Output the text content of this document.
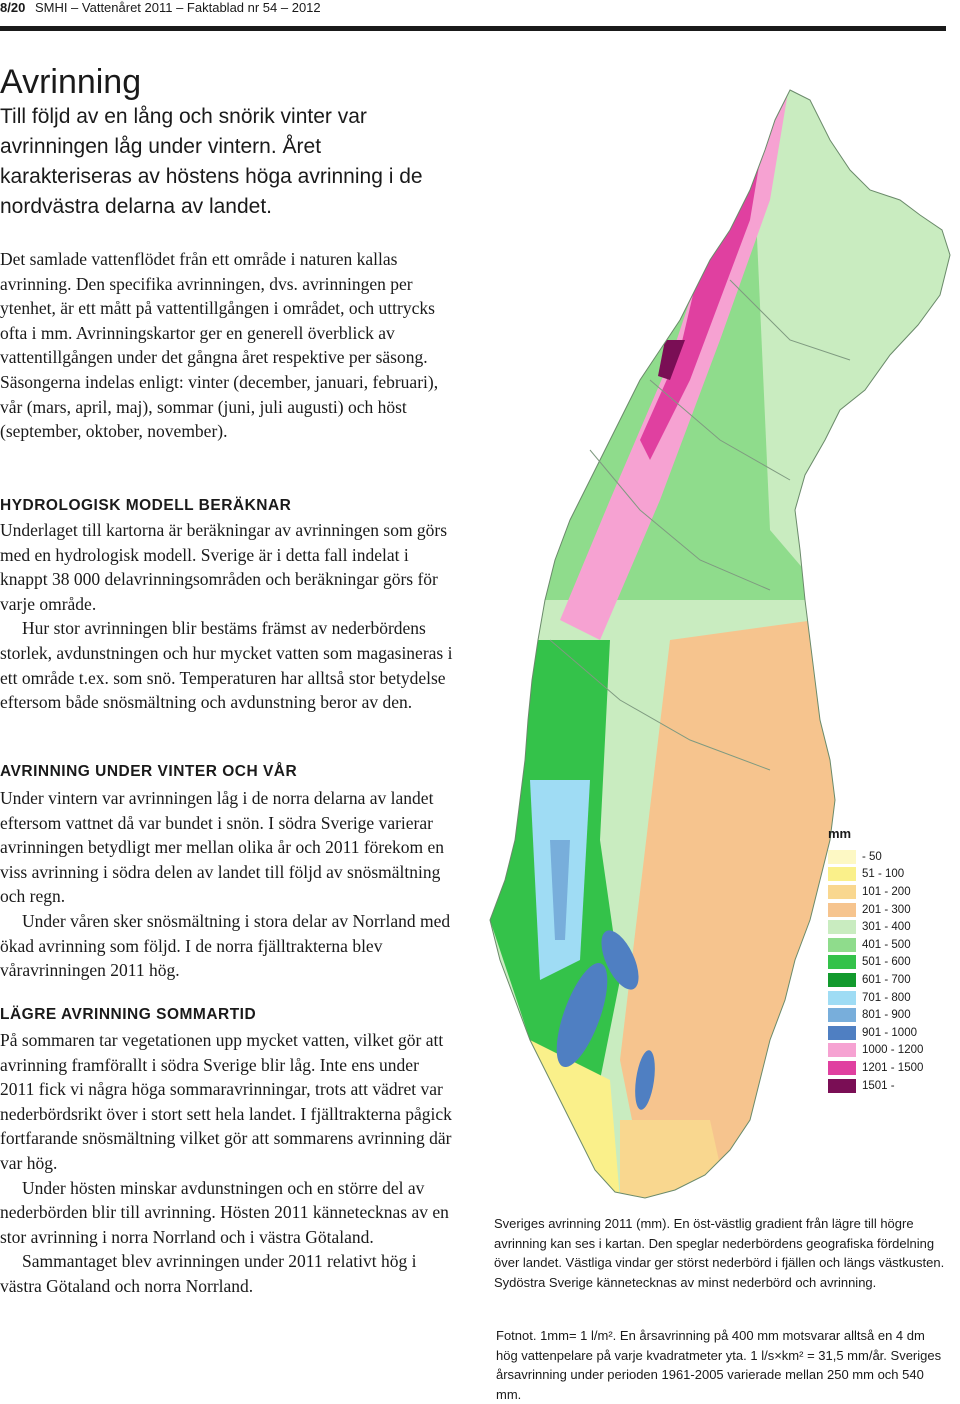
8/20 SMHI – Vattenåret 2011 – Faktablad nr 54 – 2012
Avrinning

Till följd av en lång och snörik vinter var avrinningen låg under vintern. Året karakteriseras av höstens höga avrinning i de nordvästra delarna av landet.

Det samlade vattenflödet från ett område i naturen kallas avrinning. Den specifika avrinningen, dvs. avrinningen per ytenhet, är ett mått på vattentillgången i området, och uttrycks ofta i mm. Avrinningskartor ger en generell överblick av vattentillgången under det gångna året respektive per säsong. Säsongerna indelas enligt: vinter (december, januari, februari), vår (mars, april, maj), sommar (juni, juli augusti) och höst (september, oktober, november).

HYDROLOGISK MODELL BERÄKNAR

Underlaget till kartorna är beräkningar av avrinningen som görs med en hydrologisk modell. Sverige är i detta fall indelat i knappt 38 000 delavrinningsområden och beräkningar görs för varje område.

Hur stor avrinningen blir bestäms främst av nederbördens storlek, avdunstningen och hur mycket vatten som magasineras i ett område t.ex. som snö. Temperaturen har alltså stor betydelse eftersom både snösmältning och avdunstning beror av den.

AVRINNING UNDER VINTER OCH VÅR

Under vintern var avrinningen låg i de norra delarna av landet eftersom vattnet då var bundet i snön. I södra Sverige varierar avrinningen betydligt mer mellan olika år och 2011 förekom en viss avrinning i södra delen av landet till följd av snösmältning och regn.

Under våren sker snösmältning i stora delar av Norrland med ökad avrinning som följd. I de norra fjälltrakterna blev våravrinningen 2011 hög.

LÄGRE AVRINNING SOMMARTID

På sommaren tar vegetationen upp mycket vatten, vilket gör att avrinning framförallt i södra Sverige blir låg. Inte ens under 2011 fick vi några höga sommaravrinningar, trots att vädret var nederbördsrikt över i stort sett hela landet. I fjälltrakterna pågick fortfarande snösmältning vilket gör att sommarens avrinning där var hög.

Under hösten minskar avdunstningen och en större del av nederbörden blir till avrinning. Hösten 2011 kännetecknas av en stor avrinning i norra Norrland och i västra Götaland.

Sammantaget blev avrinningen under 2011 relativt hög i västra Götaland och norra Norrland.

mm
- 50
51 - 100
101 - 200
201 - 300
301 - 400
401 - 500
501 - 600
601 - 700
701 - 800
801 - 900
901 - 1000
1000 - 1200
1201 - 1500
1501 -

Sveriges avrinning 2011 (mm). En öst-västlig gradient från lägre till högre avrinning kan ses i kartan. Den speglar nederbördens geografiska fördelning över landet. Västliga vindar ger störst nederbörd i fjällen och längs västkusten. Sydöstra Sverige kännetecknas av minst nederbörd och avrinning.

Fotnot. 1mm= 1 l/m². En årsavrinning på 400 mm motsvarar alltså en 4 dm hög vattenpelare på varje kvadratmeter yta. 1 l/s×km² = 31,5 mm/år. Sveriges årsavrinning under perioden 1961-2005 varierade mellan 250 mm och 540 mm.
